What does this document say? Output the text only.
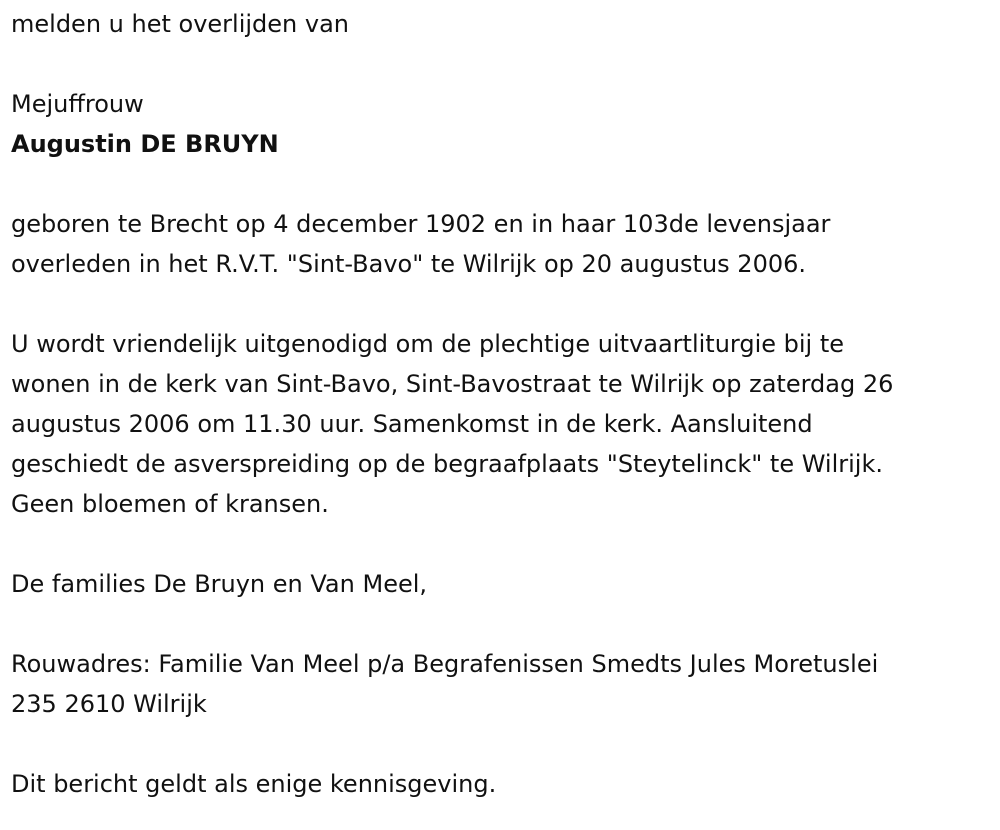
melden u het overlijden van
Mejuffrouw
Augustin DE BRUYN
geboren te Brecht op 4 december 1902 en in haar 103de levensjaar
overleden in het R.V.T. "Sint-Bavo" te Wilrijk op 20 augustus 2006.
U wordt vriendelijk uitgenodigd om de plechtige uitvaartliturgie bij te
wonen in de kerk van Sint-Bavo, Sint-Bavostraat te Wilrijk op zaterdag 26
augustus 2006 om 11.30 uur. Samenkomst in de kerk. Aansluitend
geschiedt de asverspreiding op de begraafplaats "Steytelinck" te Wilrijk.
Geen bloemen of kransen.
De families De Bruyn en Van Meel,
Rouwadres: Familie Van Meel p/a Begrafenissen Smedts Jules Moretuslei
235 2610 Wilrijk
Dit bericht geldt als enige kennisgeving.
